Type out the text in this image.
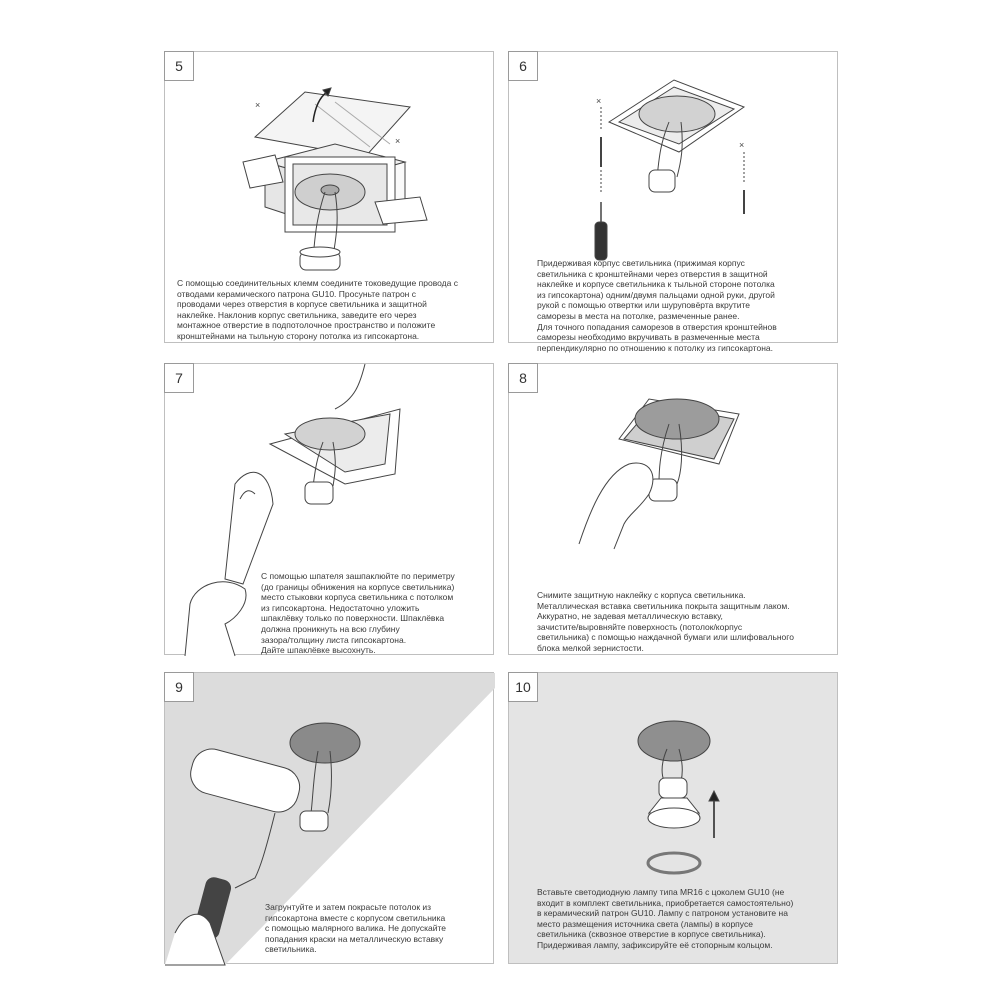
×
×
5

С помощью соединительных клемм соедините токоведущие провода с
отводами керамического патрона GU10. Просуньте патрон с
проводами через отверстия в корпусе светильника и защитной
наклейке. Наклонив корпус светильника, заведите его через
монтажное отверстие в подпотолочное пространство и положите
кронштейнами на тыльную сторону потолка из гипсокартона.

×
×
6

Придерживая корпус светильника (прижимая корпус
светильника с кронштейнами через отверстия в защитной
наклейке и корпусе светильника к тыльной стороне потолка
из гипсокартона) одним/двумя пальцами одной руки, другой
рукой с помощью отвертки или шуруповёрта вкрутите
саморезы в места на потолке, размеченные ранее.
Для точного попадания саморезов в отверстия кронштейнов
саморезы необходимо вкручивать в размеченные места
перпендикулярно по отношению к потолку из гипсокартона.

7

С помощью шпателя зашпаклюйте по периметру
(до границы обнижения на корпусе светильника)
место стыковки корпуса светильника с потолком
из гипсокартона. Недостаточно уложить
шпаклёвку только по поверхности. Шпаклёвка
должна проникнуть на всю глубину
зазора/толщину листа гипсокартона.
Дайте шпаклёвке высохнуть.

8

Снимите защитную наклейку с корпуса светильника.
Металлическая вставка светильника покрыта защитным лаком.
Аккуратно, не задевая металлическую вставку,
зачистите/выровняйте поверхность (потолок/корпус
светильника) с помощью наждачной бумаги или шлифовального
блока мелкой зернистости.

9

Загрунтуйте и затем покрасьте потолок из
гипсокартона вместе с корпусом светильника
с помощью малярного валика. Не допускайте
попадания краски на металлическую вставку
светильника.

10

Вставьте светодиодную лампу типа MR16 с цоколем GU10 (не
входит в комплект светильника, приобретается самостоятельно)
в керамический патрон GU10. Лампу с патроном установите на
место размещения источника света (лампы) в корпусе
светильника (сквозное отверстие в корпусе светильника).
Придерживая лампу, зафиксируйте её стопорным кольцом.
